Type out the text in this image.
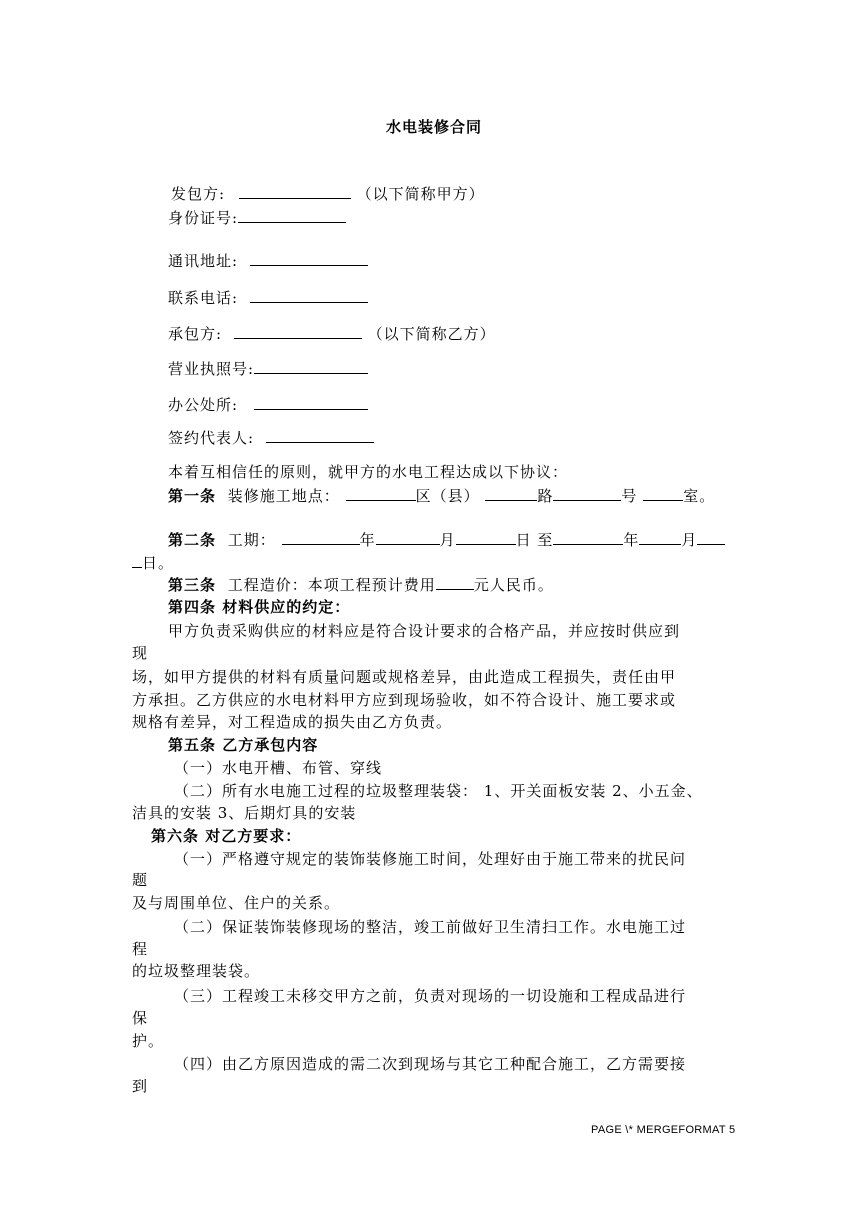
水电装修合同
发包方:	（以下简称甲方）
身份证号:
通讯地址:
联系电话:
承包方:	（以下简称乙方）
营业执照号:
办公处所:
签约代表人:
本着互相信任的原则，就甲方的水电工程达成以下协议：
第一条 装修施工地点：	区（县）	路	号	室。
第二条 工期：	年	月	日 至	年	月
日。
第三条 工程造价：本项工程预计费用	元人民币。
第四条 材料供应的约定：
甲方负责采购供应的材料应是符合设计要求的合格产品，并应按时供应到
现
场，如甲方提供的材料有质量问题或规格差异，由此造成工程损失，责任由甲
方承担。乙方供应的水电材料甲方应到现场验收，如不符合设计、施工要求或
规格有差异，对工程造成的损失由乙方负责。
第五条 乙方承包内容
（一）水电开槽、布管、穿线
（二）所有水电施工过程的垃圾整理装袋： 1、开关面板安装 2、小五金、
洁具的安装 3、后期灯具的安装
第六条 对乙方要求：
（一）严格遵守规定的装饰装修施工时间，处理好由于施工带来的扰民问
题
及与周围单位、住户的关系。
（二）保证装饰装修现场的整洁，竣工前做好卫生清扫工作。水电施工过
程
的垃圾整理装袋。
（三）工程竣工未移交甲方之前，负责对现场的一切设施和工程成品进行
保
护。
（四）由乙方原因造成的需二次到现场与其它工种配合施工，乙方需要接
到
PAGE \* MERGEFORMAT 5
